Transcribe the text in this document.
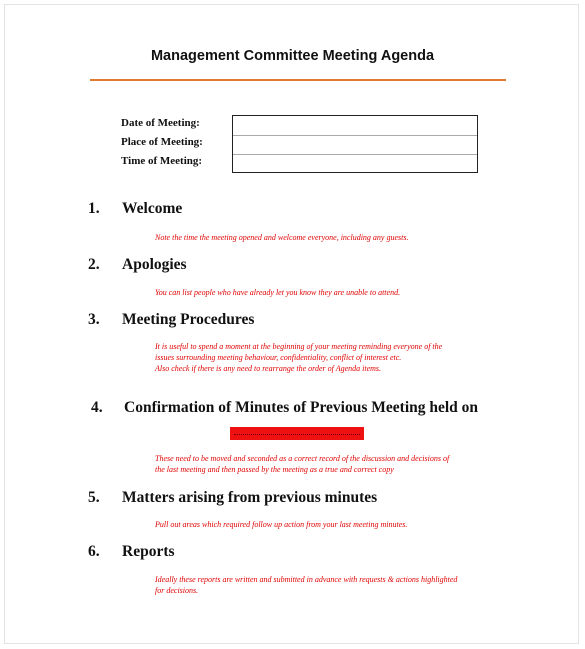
Management Committee Meeting Agenda
Date of Meeting:
Place of Meeting:
Time of Meeting:
1. Welcome
Note the time the meeting opened and welcome everyone, including any guests.
2. Apologies
You can list people who have already let you know they are unable to attend.
3. Meeting Procedures
It is useful to spend a moment at the beginning of your meeting reminding everyone of the
issues surrounding meeting behaviour, confidentiality, conflict of interest etc.
Also check if there is any need to rearrange the order of Agenda items.
4. Confirmation of Minutes of Previous Meeting held on
These need to be moved and seconded as a correct record of the discussion and decisions of
the last meeting and then passed by the meeting as a true and correct copy
5. Matters arising from previous minutes
Pull out areas which required follow up action from your last meeting minutes.
6. Reports
Ideally these reports are written and submitted in advance with requests & actions highlighted
for decisions.
